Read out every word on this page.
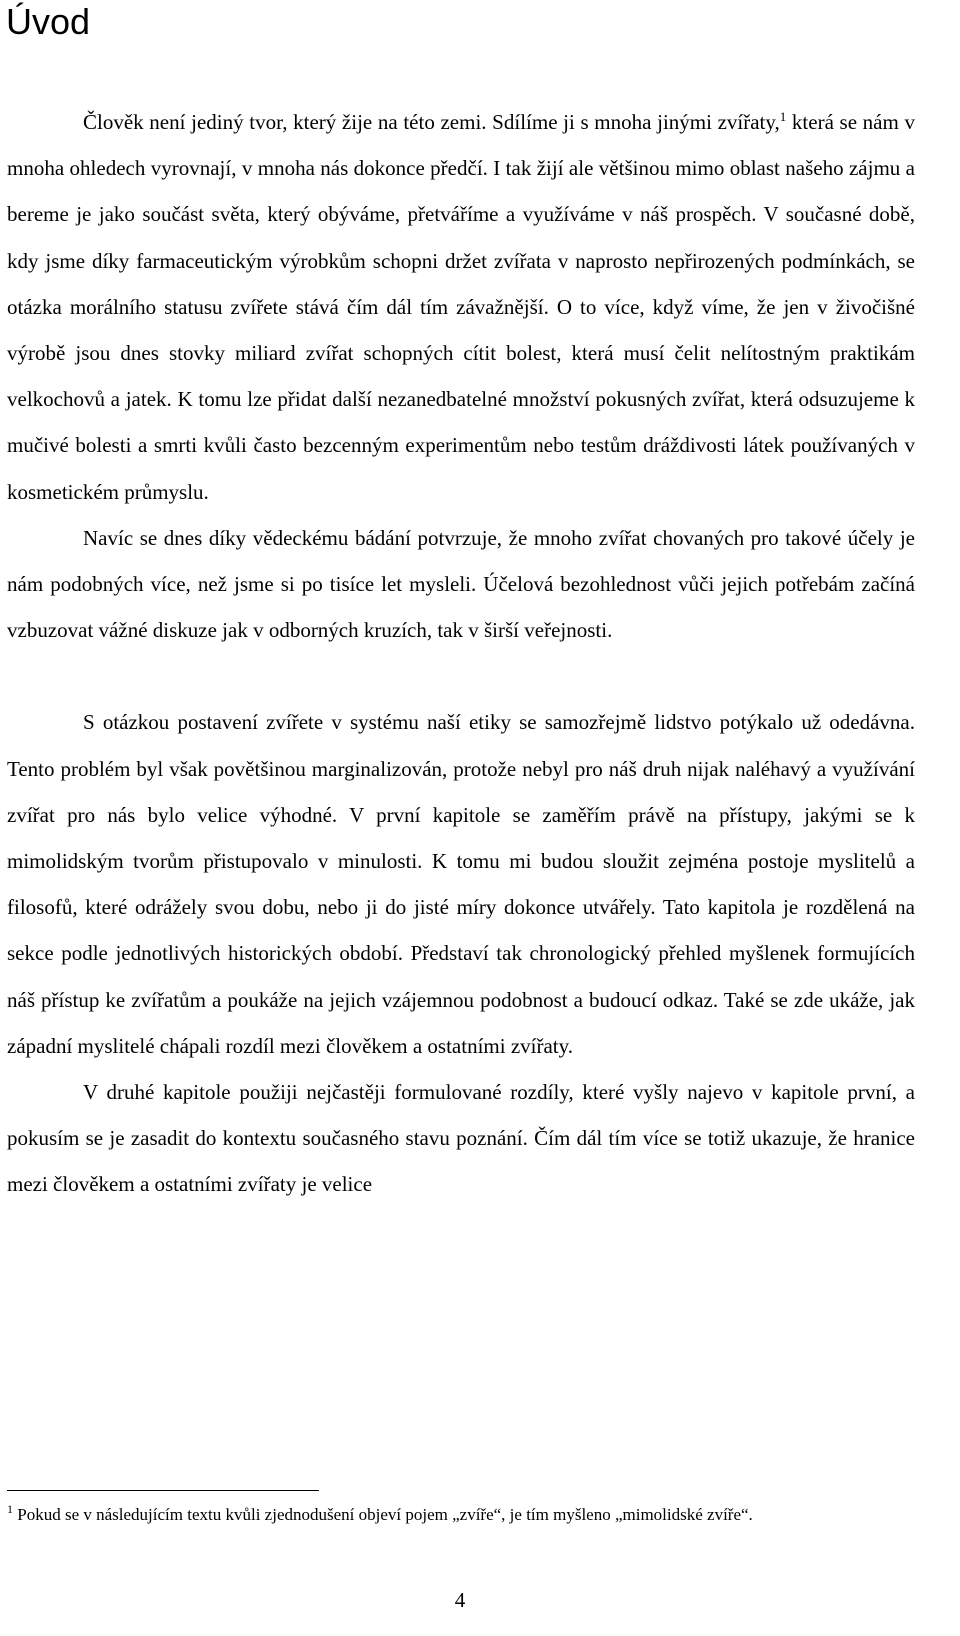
Úvod

Člověk není jediný tvor, který žije na této zemi. Sdílíme ji s mnoha jinými zvířaty,$^1$ která se nám v mnoha ohledech vyrovnají, v mnoha nás dokonce předčí. I tak žijí ale většinou mimo oblast našeho zájmu a bereme je jako součást světa, který obýváme, přetváříme a využíváme v náš prospěch. V současné době, kdy jsme díky farmaceutickým výrobkům schopni držet zvířata v naprosto nepřirozených podmínkách, se otázka morálního statusu zvířete stává čím dál tím závažnější. O to více, když víme, že jen v živočišné výrobě jsou dnes stovky miliard zvířat schopných cítit bolest, která musí čelit nelítostným praktikám velkochovů a jatek. K tomu lze přidat další nezanedbatelné množství pokusných zvířat, která odsuzujeme k mučivé bolesti a smrti kvůli často bezcenným experimentům nebo testům dráždivosti látek používaných v kosmetickém průmyslu.

Navíc se dnes díky vědeckému bádání potvrzuje, že mnoho zvířat chovaných pro takové účely je nám podobných více, než jsme si po tisíce let mysleli. Účelová bezohlednost vůči jejich potřebám začíná vzbuzovat vážné diskuze jak v odborných kruzích, tak v širší veřejnosti.

S otázkou postavení zvířete v systému naší etiky se samozřejmě lidstvo potýkalo už odedávna. Tento problém byl však povětšinou marginalizován, protože nebyl pro náš druh nijak naléhavý a využívání zvířat pro nás bylo velice výhodné. V první kapitole se zaměřím právě na přístupy, jakými se k mimolidským tvorům přistupovalo v minulosti. K tomu mi budou sloužit zejména postoje myslitelů a filosofů, které odrážely svou dobu, nebo ji do jisté míry dokonce utvářely. Tato kapitola je rozdělená na sekce podle jednotlivých historických období. Představí tak chronologický přehled myšlenek formujících náš přístup ke zvířatům a poukáže na jejich vzájemnou podobnost a budoucí odkaz. Také se zde ukáže, jak západní myslitelé chápali rozdíl mezi člověkem a ostatními zvířaty.

V druhé kapitole použiji nejčastěji formulované rozdíly, které vyšly najevo v kapitole první, a pokusím se je zasadit do kontextu současného stavu poznání. Čím dál tím více se totiž ukazuje, že hranice mezi člověkem a ostatními zvířaty je velice

$^1$ Pokud se v následujícím textu kvůli zjednodušení objeví pojem „zvíře“, je tím myšleno „mimolidské zvíře“.

4
